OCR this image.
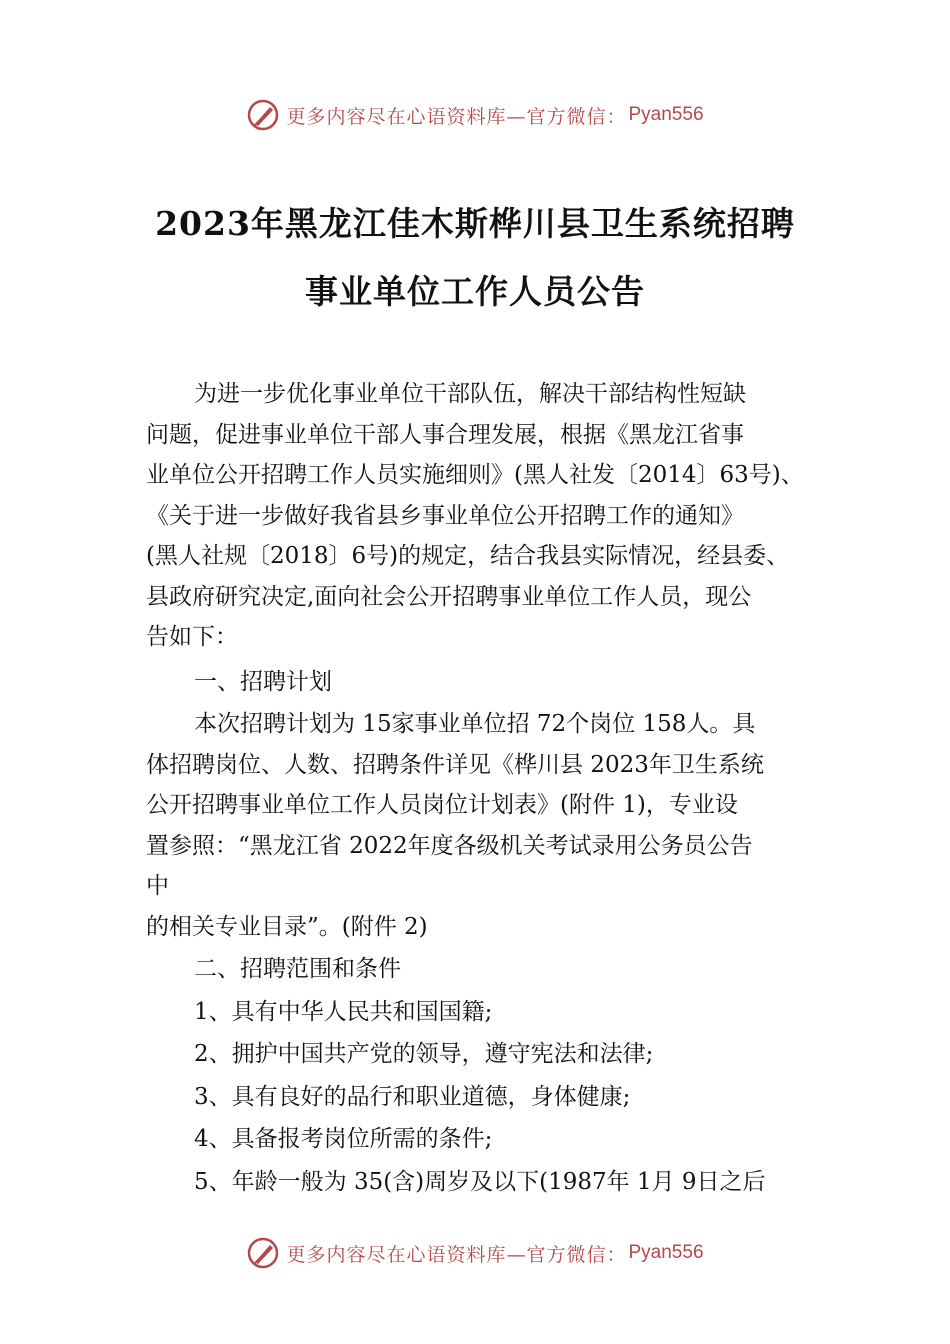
更多内容尽在心语资料库—官方微信： Pyan556
2023年黑龙江佳木斯桦川县卫生系统招聘
事业单位工作人员公告
为进一步优化事业单位干部队伍，解决干部结构性短缺
问题，促进事业单位干部人事合理发展，根据《黑龙江省事
业单位公开招聘工作人员实施细则》(黑人社发〔2014〕63号)、
《关于进一步做好我省县乡事业单位公开招聘工作的通知》
(黑人社规〔2018〕6号)的规定，结合我县实际情况，经县委、
县政府研究决定,面向社会公开招聘事业单位工作人员，现公
告如下：
一、招聘计划
本次招聘计划为 15家事业单位招 72个岗位 158人。具
体招聘岗位、人数、招聘条件详见《桦川县 2023年卫生系统
公开招聘事业单位工作人员岗位计划表》(附件 1)，专业设
置参照：“黑龙江省 2022年度各级机关考试录用公务员公告
中
的相关专业目录”。(附件 2)
二、招聘范围和条件
1、具有中华人民共和国国籍;
2、拥护中国共产党的领导，遵守宪法和法律;
3、具有良好的品行和职业道德，身体健康;
4、具备报考岗位所需的条件;
5、年龄一般为 35(含)周岁及以下(1987年 1月 9日之后
更多内容尽在心语资料库—官方微信： Pyan556
